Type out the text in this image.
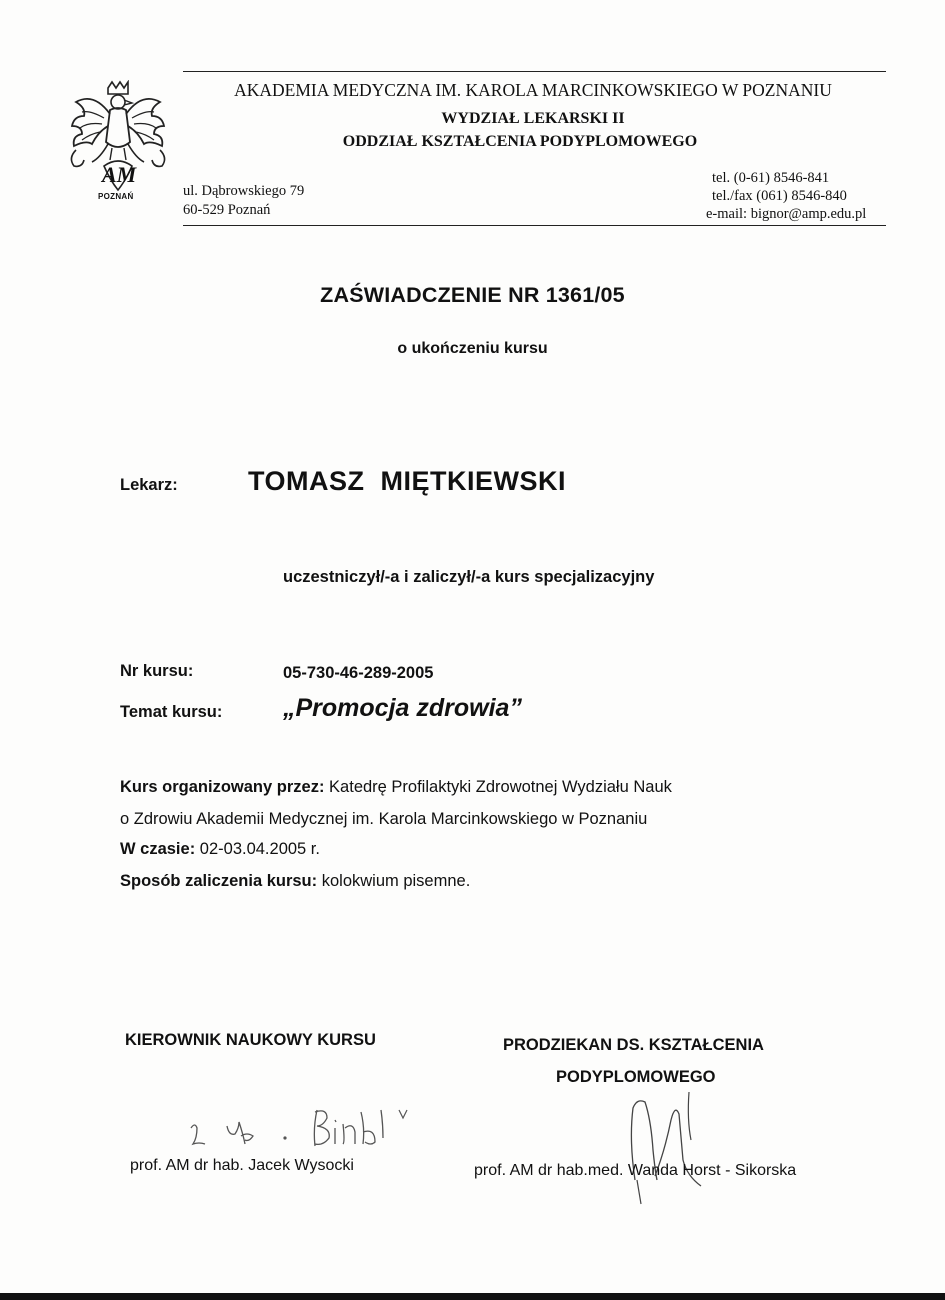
AM
POZNAŃ
AKADEMIA MEDYCZNA IM. KAROLA MARCINKOWSKIEGO W POZNANIU
WYDZIAŁ LEKARSKI II
ODDZIAŁ KSZTAŁCENIA PODYPLOMOWEGO
ul. Dąbrowskiego 79
60-529 Poznań
tel. (0-61) 8546-841
tel./fax (061) 8546-840
e-mail: bignor@amp.edu.pl
ZAŚWIADCZENIE NR 1361/05
o ukończeniu kursu
Lekarz:	TOMASZ  MIĘTKIEWSKI
uczestniczył/-a i zaliczył/-a kurs specjalizacyjny
Nr kursu:	05-730-46-289-2005
Temat kursu: „Promocja zdrowia”
Kurs organizowany przez: Katedrę Profilaktyki Zdrowotnej Wydziału Nauk
o Zdrowiu Akademii Medycznej im. Karola Marcinkowskiego w Poznaniu
W czasie: 02-03.04.2005 r.
Sposób zaliczenia kursu: kolokwium pisemne.
KIEROWNIK NAUKOWY KURSU
prof. AM dr hab. Jacek Wysocki
PRODZIEKAN DS. KSZTAŁCENIA
PODYPLOMOWEGO
prof. AM dr hab.med. Wanda Horst - Sikorska
